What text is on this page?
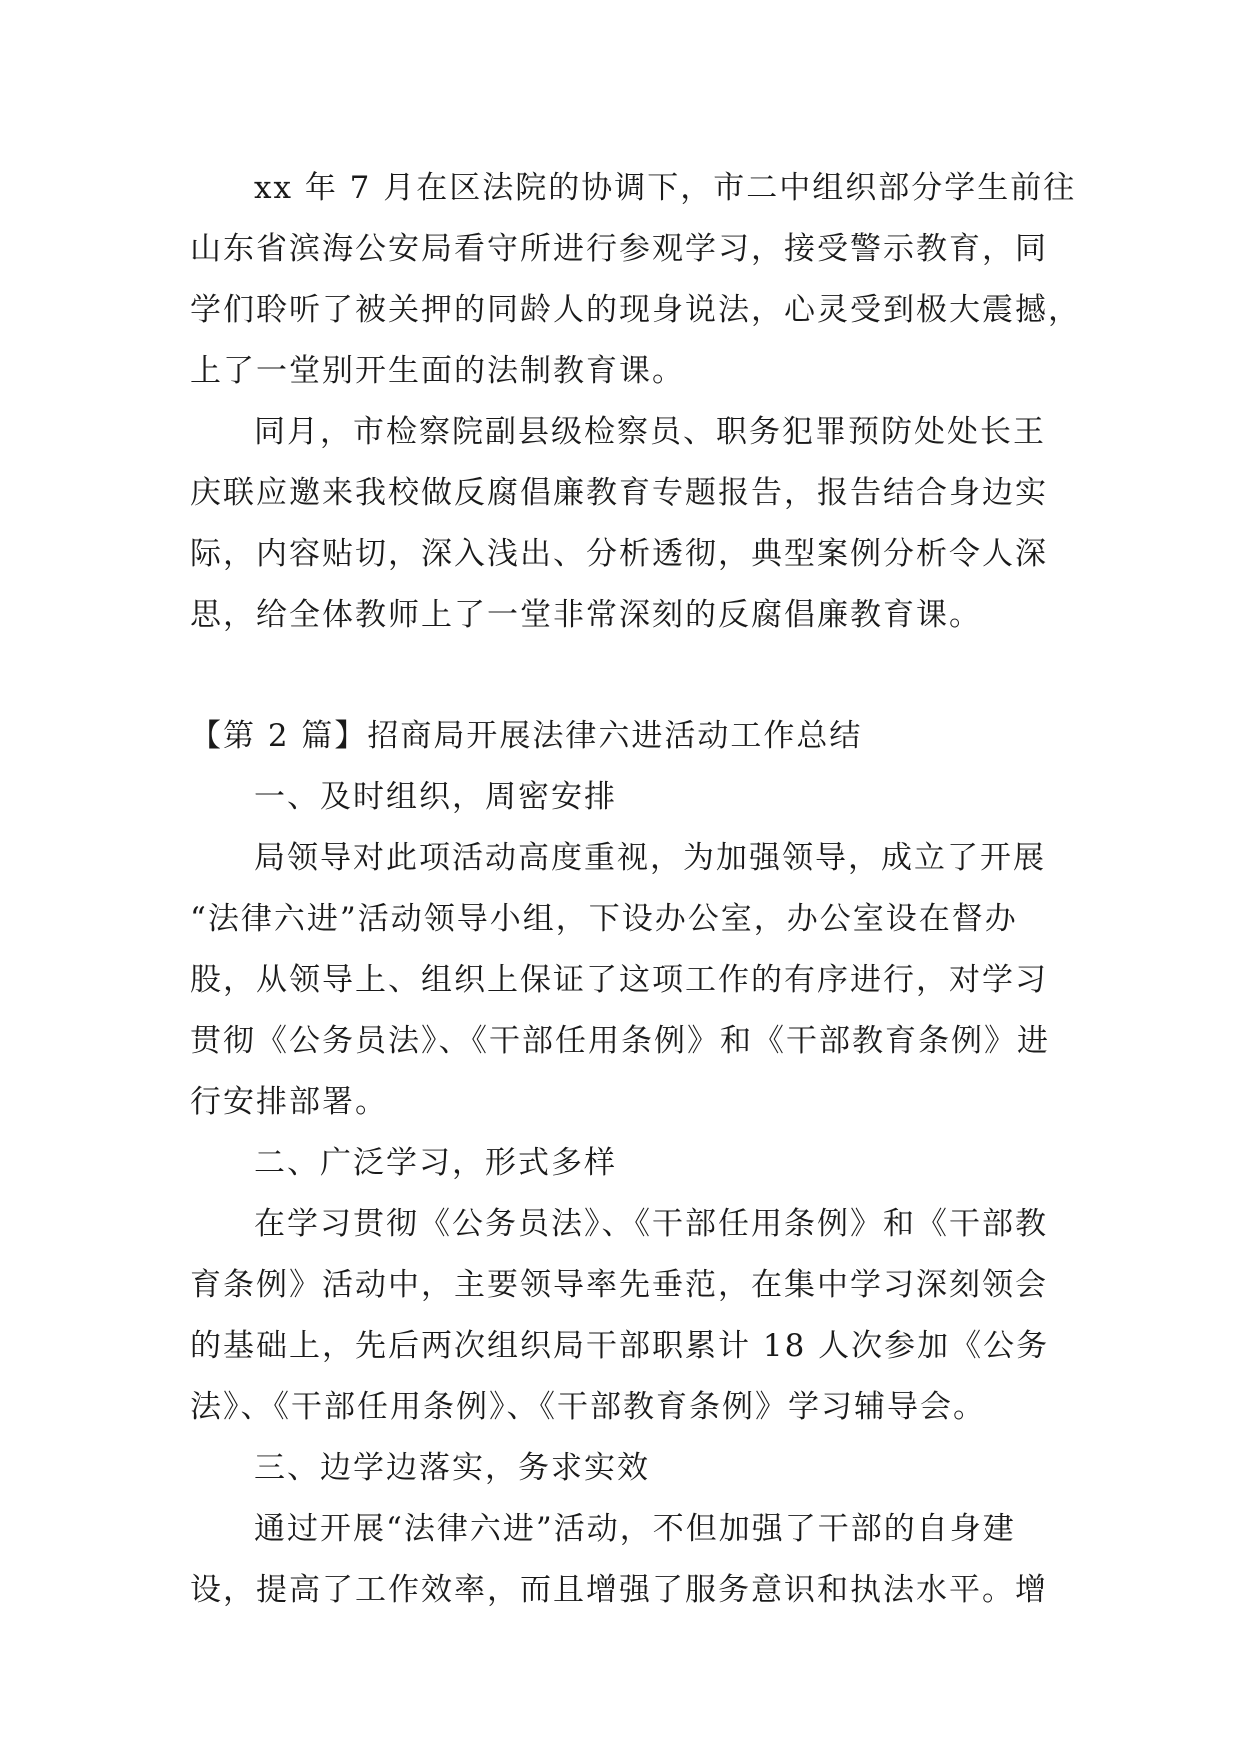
xx 年 7 月在区法院的协调下，市二中组织部分学生前往
山东省滨海公安局看守所进行参观学习，接受警示教育，同
学们聆听了被关押的同龄人的现身说法，心灵受到极大震撼，
上了一堂别开生面的法制教育课。
同月，市检察院副县级检察员、职务犯罪预防处处长王
庆联应邀来我校做反腐倡廉教育专题报告，报告结合身边实
际，内容贴切，深入浅出、分析透彻，典型案例分析令人深
思，给全体教师上了一堂非常深刻的反腐倡廉教育课。
【第 2 篇】招商局开展法律六进活动工作总结
一、及时组织，周密安排
局领导对此项活动高度重视，为加强领导，成立了开展
“法律六进”活动领导小组，下设办公室，办公室设在督办
股，从领导上、组织上保证了这项工作的有序进行，对学习
贯彻《公务员法》、《干部任用条例》和《干部教育条例》进
行安排部署。
二、广泛学习，形式多样
在学习贯彻《公务员法》、《干部任用条例》和《干部教
育条例》活动中，主要领导率先垂范，在集中学习深刻领会
的基础上，先后两次组织局干部职累计 18 人次参加《公务
法》、《干部任用条例》、《干部教育条例》学习辅导会。
三、边学边落实，务求实效
通过开展“法律六进”活动，不但加强了干部的自身建
设，提高了工作效率，而且增强了服务意识和执法水平。增
